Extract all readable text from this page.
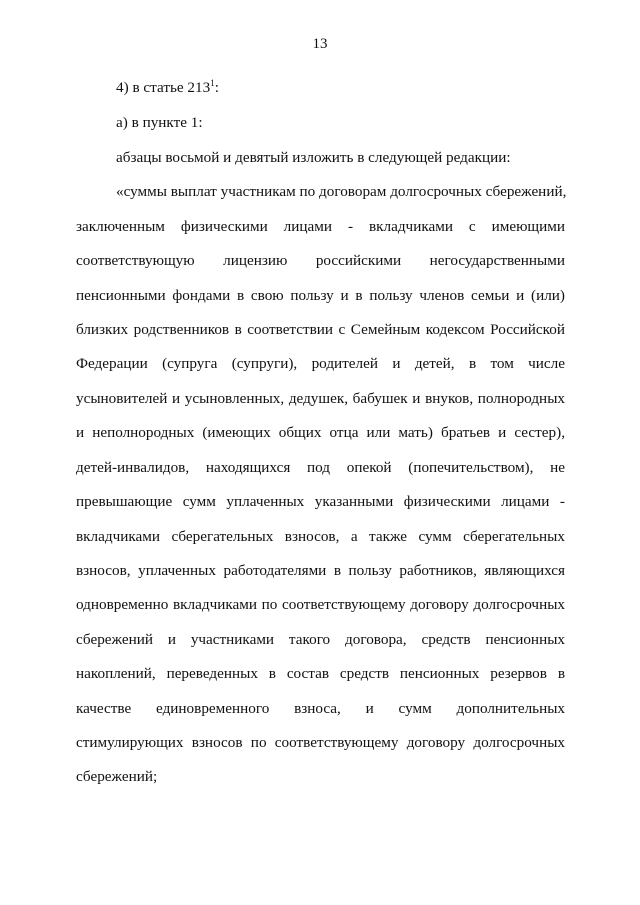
13
4) в статье $213^1$:
а) в пункте 1:
абзацы восьмой и девятый изложить в следующей редакции:
«суммы выплат участникам по договорам долгосрочных сбережений,
заключенным физическими лицами - вкладчиками с имеющими
соответствующую лицензию российскими негосударственными
пенсионными фондами в свою пользу и в пользу членов семьи и (или)
близких родственников в соответствии с Семейным кодексом Российской
Федерации (супруга (супруги), родителей и детей, в том числе
усыновителей и усыновленных, дедушек, бабушек и внуков, полнородных
и неполнородных (имеющих общих отца или мать) братьев и сестер),
детей-инвалидов, находящихся под опекой (попечительством), не
превышающие сумм уплаченных указанными физическими лицами -
вкладчиками сберегательных взносов, а также сумм сберегательных
взносов, уплаченных работодателями в пользу работников, являющихся
одновременно вкладчиками по соответствующему договору долгосрочных
сбережений и участниками такого договора, средств пенсионных
накоплений, переведенных в состав средств пенсионных резервов в
качестве единовременного взноса, и сумм дополнительных
стимулирующих взносов по соответствующему договору долгосрочных
сбережений;
